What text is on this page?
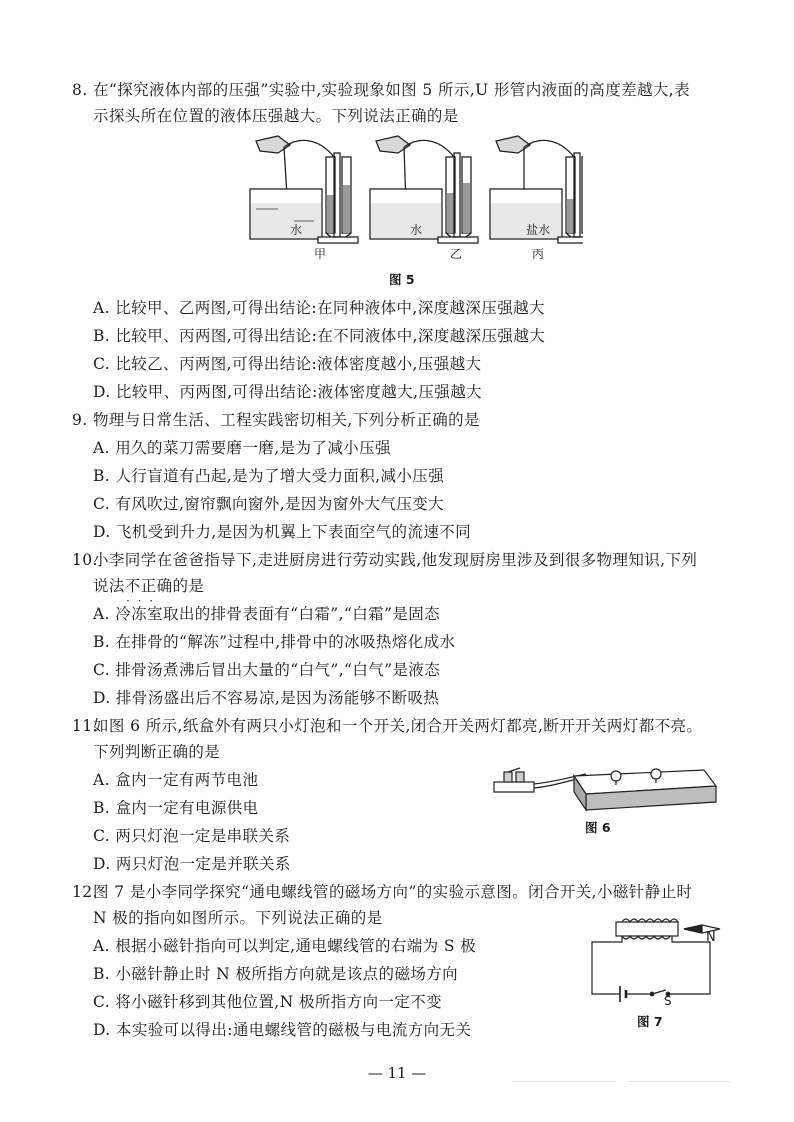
8. 在“探究液体内部的压强”实验中,实验现象如图 5 所示,U 形管内液面的高度差越大,表
示探头所在位置的液体压强越大。下列说法正确的是
水	水	盐水
甲	乙	丙
图 5
A. 比较甲、乙两图,可得出结论:在同种液体中,深度越深压强越大
B. 比较甲、丙两图,可得出结论:在不同液体中,深度越深压强越大
C. 比较乙、丙两图,可得出结论:液体密度越小,压强越大
D. 比较甲、丙两图,可得出结论:液体密度越大,压强越大
9. 物理与日常生活、工程实践密切相关,下列分析正确的是
A. 用久的菜刀需要磨一磨,是为了减小压强
B. 人行盲道有凸起,是为了增大受力面积,减小压强
C. 有风吹过,窗帘飘向窗外,是因为窗外大气压变大
D. 飞机受到升力,是因为机翼上下表面空气的流速不同
10.小李同学在爸爸指导下,走进厨房进行劳动实践,他发现厨房里涉及到很多物理知识,下列
说法不正确的是 · · ·
A. 冷冻室取出的排骨表面有“白霜”,“白霜”是固态
B. 在排骨的“解冻”过程中,排骨中的冰吸热熔化成水
C. 排骨汤煮沸后冒出大量的“白气”,“白气”是液态
D. 排骨汤盛出后不容易凉,是因为汤能够不断吸热
11.如图 6 所示,纸盒外有两只小灯泡和一个开关,闭合开关两灯都亮,断开开关两灯都不亮。
下列判断正确的是
A. 盒内一定有两节电池
B. 盒内一定有电源供电
C. 两只灯泡一定是串联关系
D. 两只灯泡一定是并联关系
图 6
12.图 7 是小李同学探究“通电螺线管的磁场方向”的实验示意图。闭合开关,小磁针静止时
N 极的指向如图所示。下列说法正确的是
A. 根据小磁针指向可以判定,通电螺线管的右端为 S 极
B. 小磁针静止时 N 极所指方向就是该点的磁场方向
C. 将小磁针移到其他位置,N 极所指方向一定不变
D. 本实验可以得出:通电螺线管的磁极与电流方向无关
N
S
图 7
— 11 —
